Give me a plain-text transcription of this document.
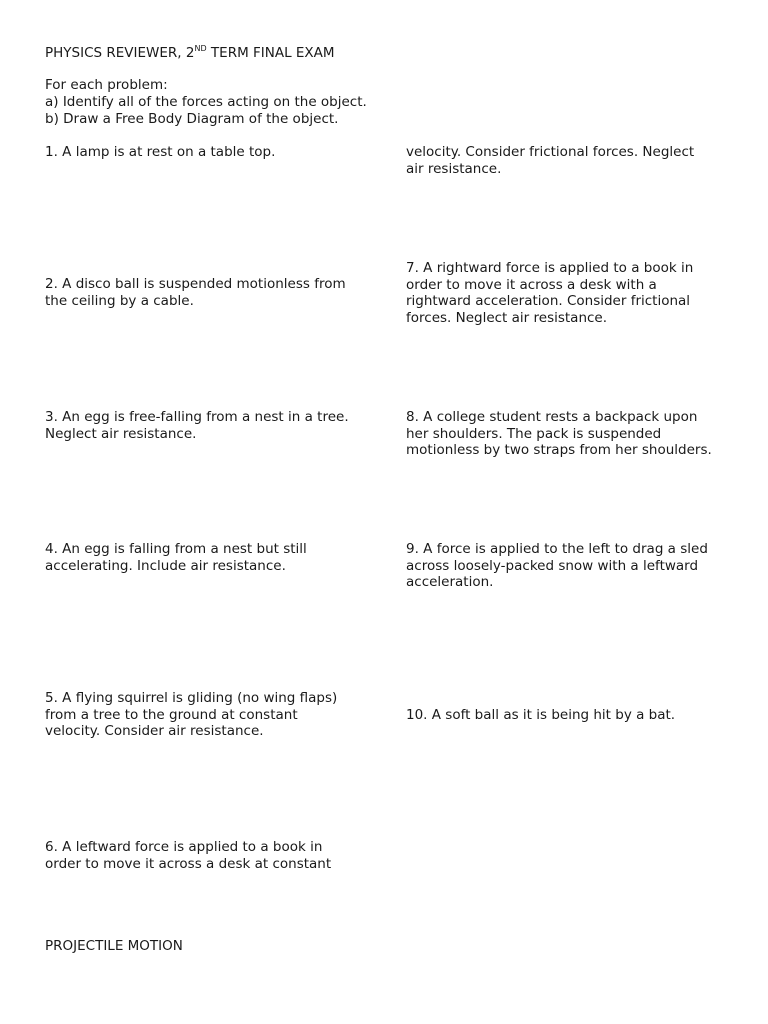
PHYSICS REVIEWER, 2ND TERM FINAL EXAM

For each problem:

a) Identify all of the forces acting on the object.

b) Draw a Free Body Diagram of the object.

1. A lamp is at rest on a table top.

2. A disco ball is suspended motionless from
the ceiling by a cable.

3. An egg is free-falling from a nest in a tree.
Neglect air resistance.

4. An egg is falling from a nest but still
accelerating. Include air resistance.

5. A flying squirrel is gliding (no wing flaps)
from a tree to the ground at constant
velocity. Consider air resistance.

6. A leftward force is applied to a book in
order to move it across a desk at constant

velocity. Consider frictional forces. Neglect
air resistance.

7. A rightward force is applied to a book in
order to move it across a desk with a
rightward acceleration. Consider frictional
forces. Neglect air resistance.

8. A college student rests a backpack upon
her shoulders. The pack is suspended
motionless by two straps from her shoulders.

9. A force is applied to the left to drag a sled
across loosely-packed snow with a leftward
acceleration.

10. A soft ball as it is being hit by a bat.

PROJECTILE MOTION
